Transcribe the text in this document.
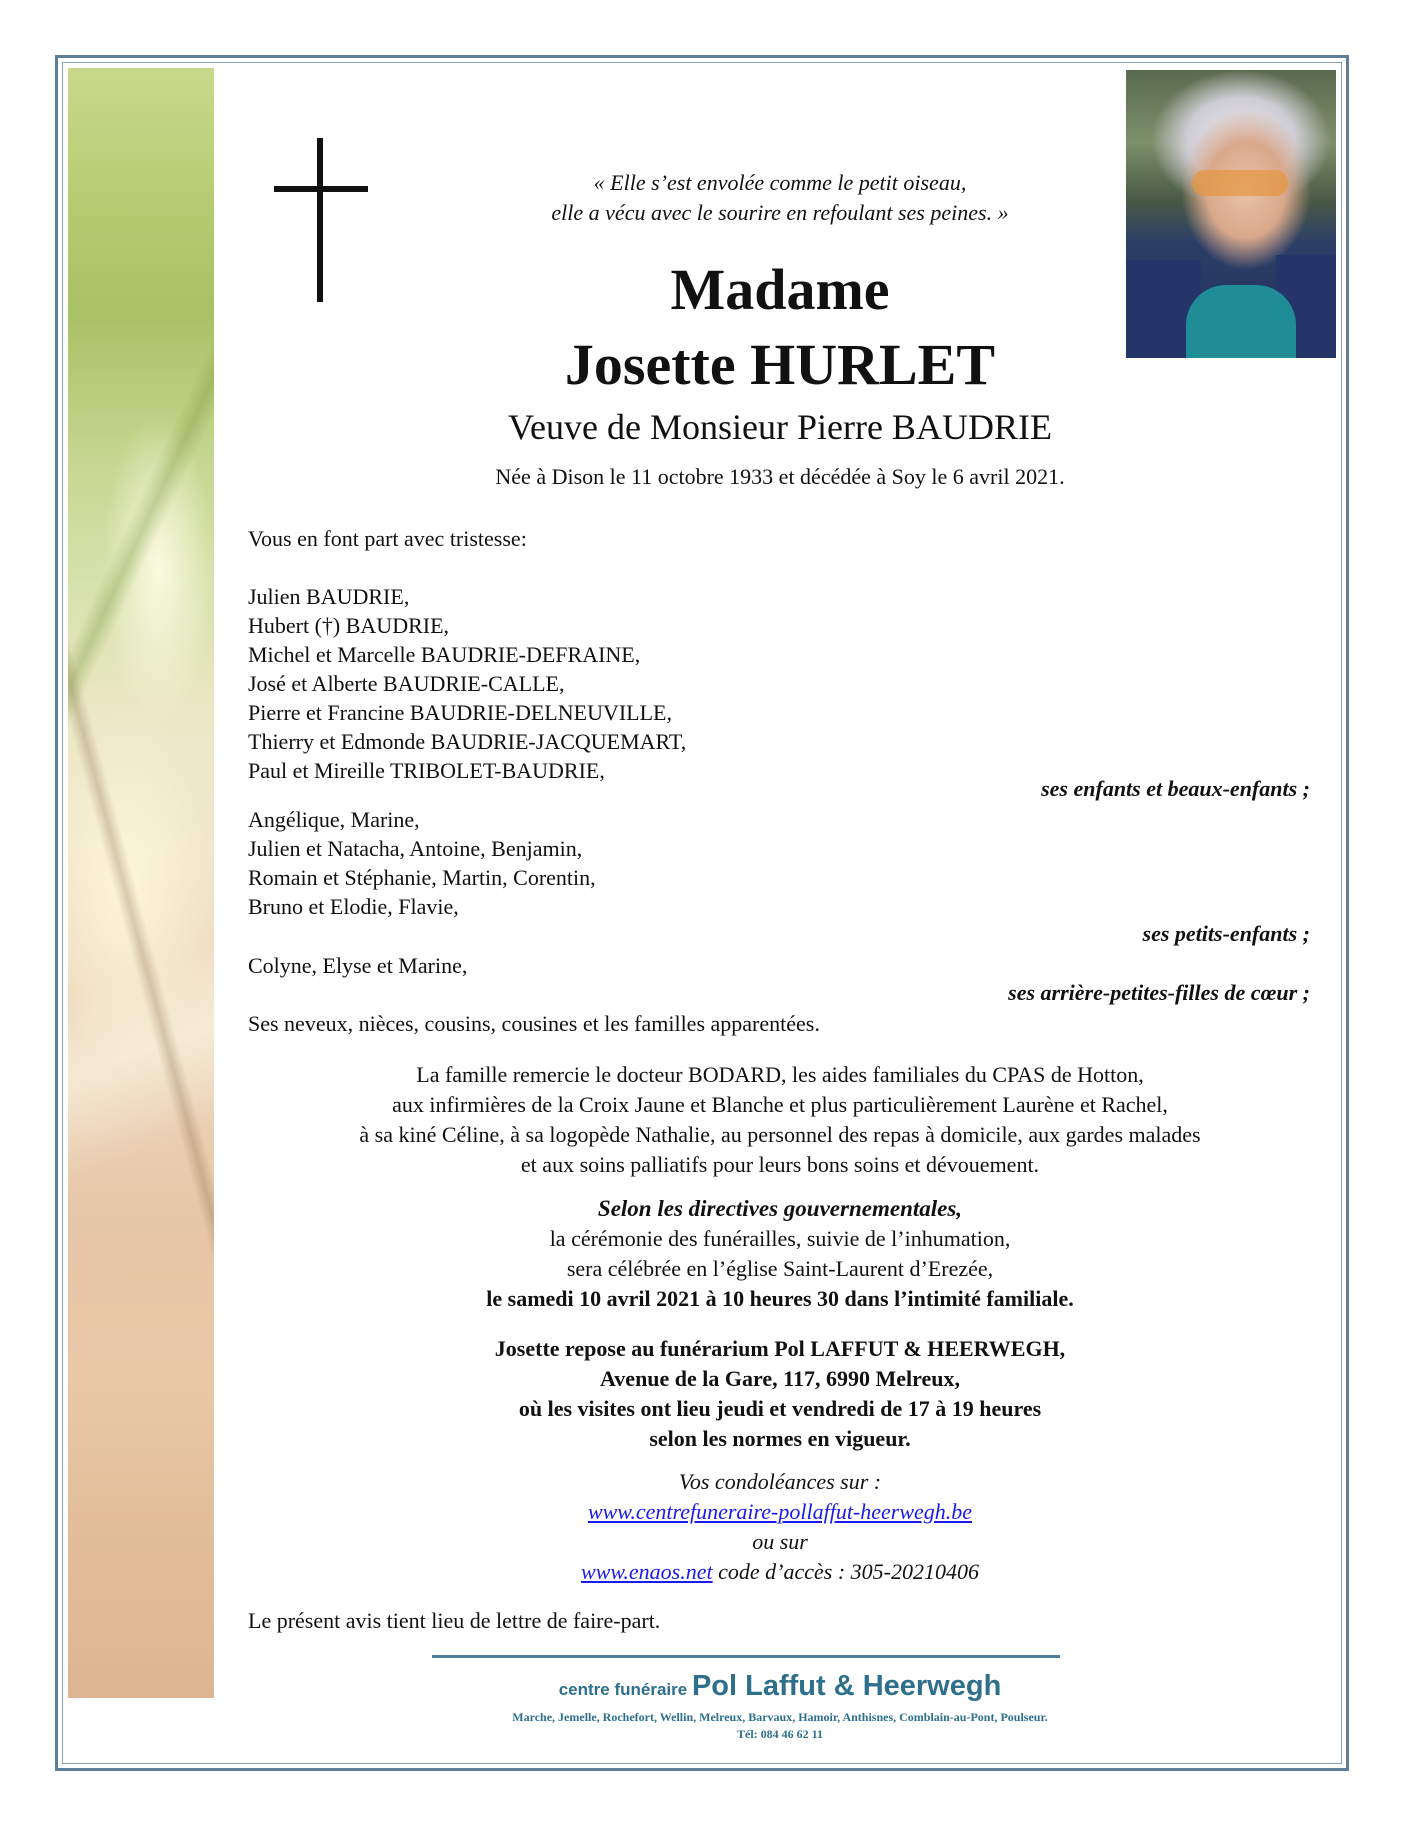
« Elle s’est envolée comme le petit oiseau,
elle a vécu avec le sourire en refoulant ses peines. »
Madame
Josette HURLET
Veuve de Monsieur Pierre BAUDRIE
Née à Dison le 11 octobre 1933 et décédée à Soy le 6 avril 2021.

Vous en font part avec tristesse:

Julien BAUDRIE,
Hubert (†) BAUDRIE,
Michel et Marcelle BAUDRIE-DEFRAINE,
José et Alberte BAUDRIE-CALLE,
Pierre et Francine BAUDRIE-DELNEUVILLE,
Thierry et Edmonde BAUDRIE-JACQUEMART,
Paul et Mireille TRIBOLET-BAUDRIE,

ses enfants et beaux-enfants ;

Angélique, Marine,
Julien et Natacha, Antoine, Benjamin,
Romain et Stéphanie, Martin, Corentin,
Bruno et Elodie, Flavie,

ses petits-enfants ;

Colyne, Elyse et Marine,

ses arrière-petites-filles de cœur ;

Ses neveux, nièces, cousins, cousines et les familles apparentées.

La famille remercie le docteur BODARD, les aides familiales du CPAS de Hotton,
aux infirmières de la Croix Jaune et Blanche et plus particulièrement Laurène et Rachel,
à sa kiné Céline, à sa logopède Nathalie, au personnel des repas à domicile, aux gardes malades
et aux soins palliatifs pour leurs bons soins et dévouement.
Selon les directives gouvernementales,
la cérémonie des funérailles, suivie de l’inhumation,
sera célébrée en l’église Saint-Laurent d’Erezée,
le samedi 10 avril 2021 à 10 heures 30 dans l’intimité familiale.
Josette repose au funérarium Pol LAFFUT & HEERWEGH,
Avenue de la Gare, 117, 6990 Melreux,
où les visites ont lieu jeudi et vendredi de 17 à 19 heures
selon les normes en vigueur.
Vos condoléances sur :
www.centrefuneraire-pollaffut-heerwegh.be
ou sur
www.enaos.net code d’accès : 305-20210406

Le présent avis tient lieu de lettre de faire-part.

centre funéraire Pol Laffut & Heerwegh
Marche, Jemelle, Rochefort, Wellin, Melreux, Barvaux, Hamoir, Anthisnes, Comblain-au-Pont, Poulseur.
Tél: 084 46 62 11
